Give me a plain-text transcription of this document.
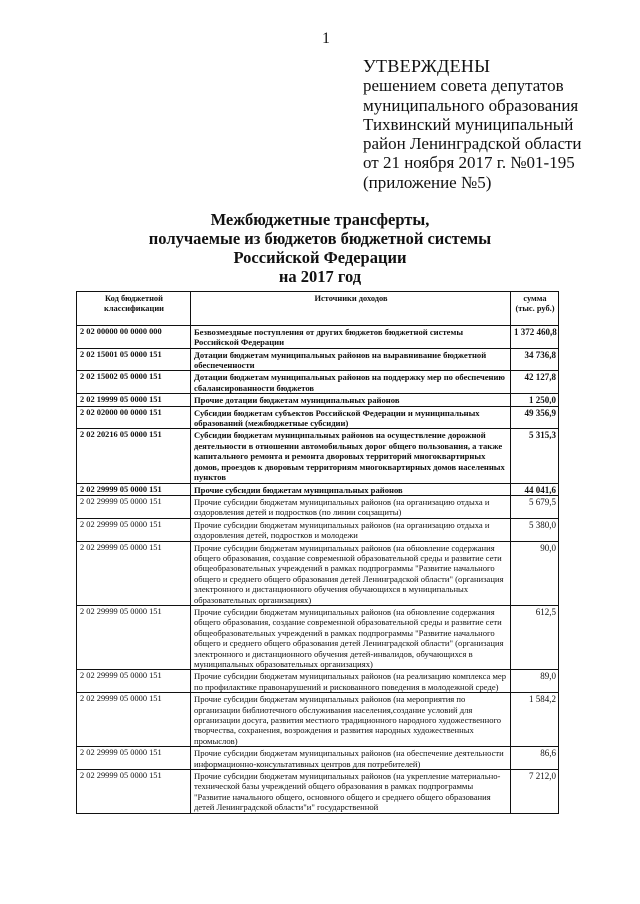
1
УТВЕРЖДЕНЫ
решением совета депутатов
муниципального образования
Тихвинский муниципальный
район Ленинградской области
от 21 ноября 2017 г. №01-195
(приложение №5)
Межбюджетные трансферты,
получаемые из бюджетов бюджетной системы
Российской Федерации
на 2017 год
Код бюджетной классификации	Источники доходов	сумма (тыс. руб.)
2 02 00000 00 0000 000	Безвозмездные поступления от других бюджетов бюджетной системы Российской Федерации	1 372 460,8
2 02 15001 05 0000 151	Дотации бюджетам муниципальных районов на выравнивание бюджетной обеспеченности	34 736,8
2 02 15002 05 0000 151	Дотации бюджетам муниципальных районов на поддержку мер по обеспечению сбалансированности бюджетов	42 127,8
2 02 19999 05 0000 151	Прочие дотации бюджетам муниципальных районов	1 250,0
2 02 02000 00 0000 151	Субсидии бюджетам субъектов Российской Федерации и муниципальных образований (межбюджетные субсидии)	49 356,9
2 02 20216 05 0000 151	Субсидии бюджетам муниципальных районов на осуществление дорожной деятельности в отношении автомобильных дорог общего пользования, а также капитального ремонта и ремонта дворовых территорий многоквартирных домов, проездов к дворовым территориям многоквартирных домов населенных пунктов	5 315,3
2 02 29999 05 0000 151	Прочие субсидии бюджетам муниципальных районов	44 041,6
2 02 29999 05 0000 151	Прочие субсидии бюджетам муниципальных районов (на организацию отдыха и оздоровления детей и подростков (по линии соцзащиты)	5 679,5
2 02 29999 05 0000 151	Прочие субсидии бюджетам муниципальных районов (на организацию отдыха и оздоровления детей, подростков и молодежи	5 380,0
2 02 29999 05 0000 151	Прочие субсидии бюджетам муниципальных районов (на обновление содержания общего образования, создание современной образовательной среды и развитие сети общеобразовательных учреждений в рамках подпрограммы "Развитие начального общего и среднего общего образования детей Ленинградской области" (организация электронного и дистанционного обучения обучающихся в муниципальных образовательных организациях)	90,0
2 02 29999 05 0000 151	Прочие субсидии бюджетам муниципальных районов (на обновление содержания общего образования, создание современной образовательной среды и развитие сети общеобразовательных учреждений в рамках подпрограммы "Развитие начального общего и среднего общего образования детей Ленинградской области" (организация электронного и дистанционного обучения детей-инвалидов, обучающихся в муниципальных образовательных организациях)	612,5
2 02 29999 05 0000 151	Прочие субсидии бюджетам муниципальных районов (на реализацию комплекса мер по профилактике правонарушений и рискованного поведения в молодежной среде)	89,0
2 02 29999 05 0000 151	Прочие субсидии бюджетам муниципальных районов (на мероприятия по организации библиотечного обслуживания населения,создание условий для организации досуга, развития местного традиционного народного художественного творчества, сохранения, возрождения и развития народных художественных промыслов)	1 584,2
2 02 29999 05 0000 151	Прочие субсидии бюджетам муниципальных районов (на обеспечение деятельности информационно-консультативных центров для потребителей)	86,6
2 02 29999 05 0000 151	Прочие субсидии бюджетам муниципальных районов (на укрепление материально-технической базы учреждений общего образования в рамках подпрограммы "Развитие начального общего, основного общего и среднего общего образования детей Ленинградской области"и" государственной	7 212,0
